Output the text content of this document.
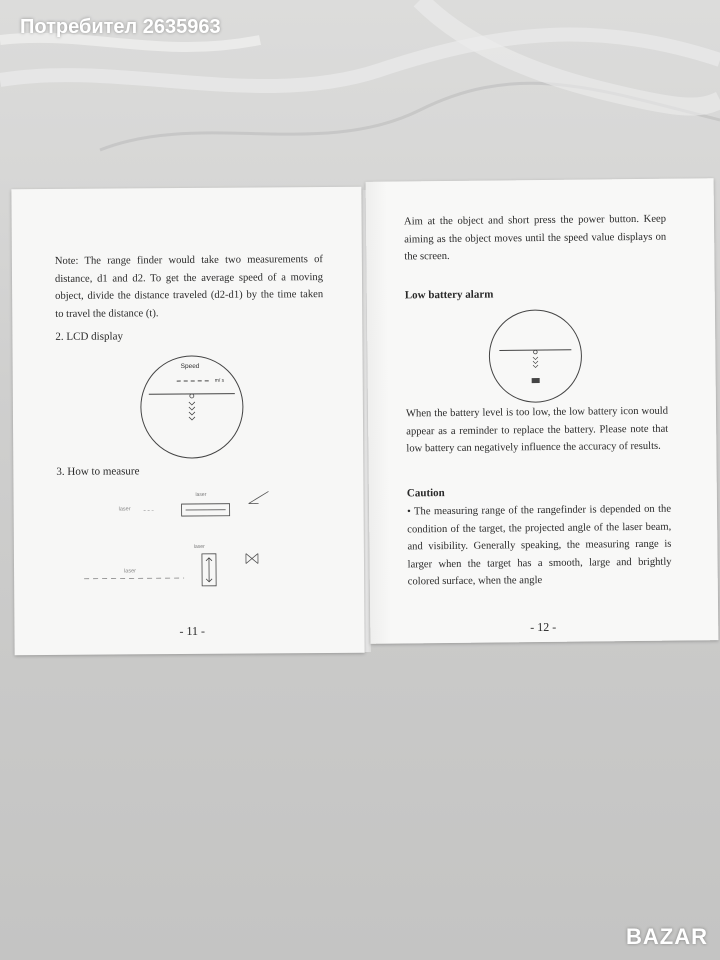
Потребител 2635963

Note: The range finder would take two measurements of distance, d1 and d2. To get the average speed of a moving object, divide the distance traveled (d2-d1) by the time taken to travel the distance (t).

2. LCD display

Speed
m/ s

3. How to measure

laser
laser
laser
laser

- 11 -

Aim at the object and short press the power button. Keep aiming as the object moves until the speed value displays on the screen.

Low battery alarm

When the battery level is too low, the low battery icon would appear as a reminder to replace the battery. Please note that low battery can negatively influence the accuracy of results.

Caution

• The measuring range of the rangefinder is depended on the condition of the target, the projected angle of the laser beam, and visibility. Generally speaking, the measuring range is larger when the target has a smooth, large and brightly colored surface, when the angle

- 12 -

BAZAR
